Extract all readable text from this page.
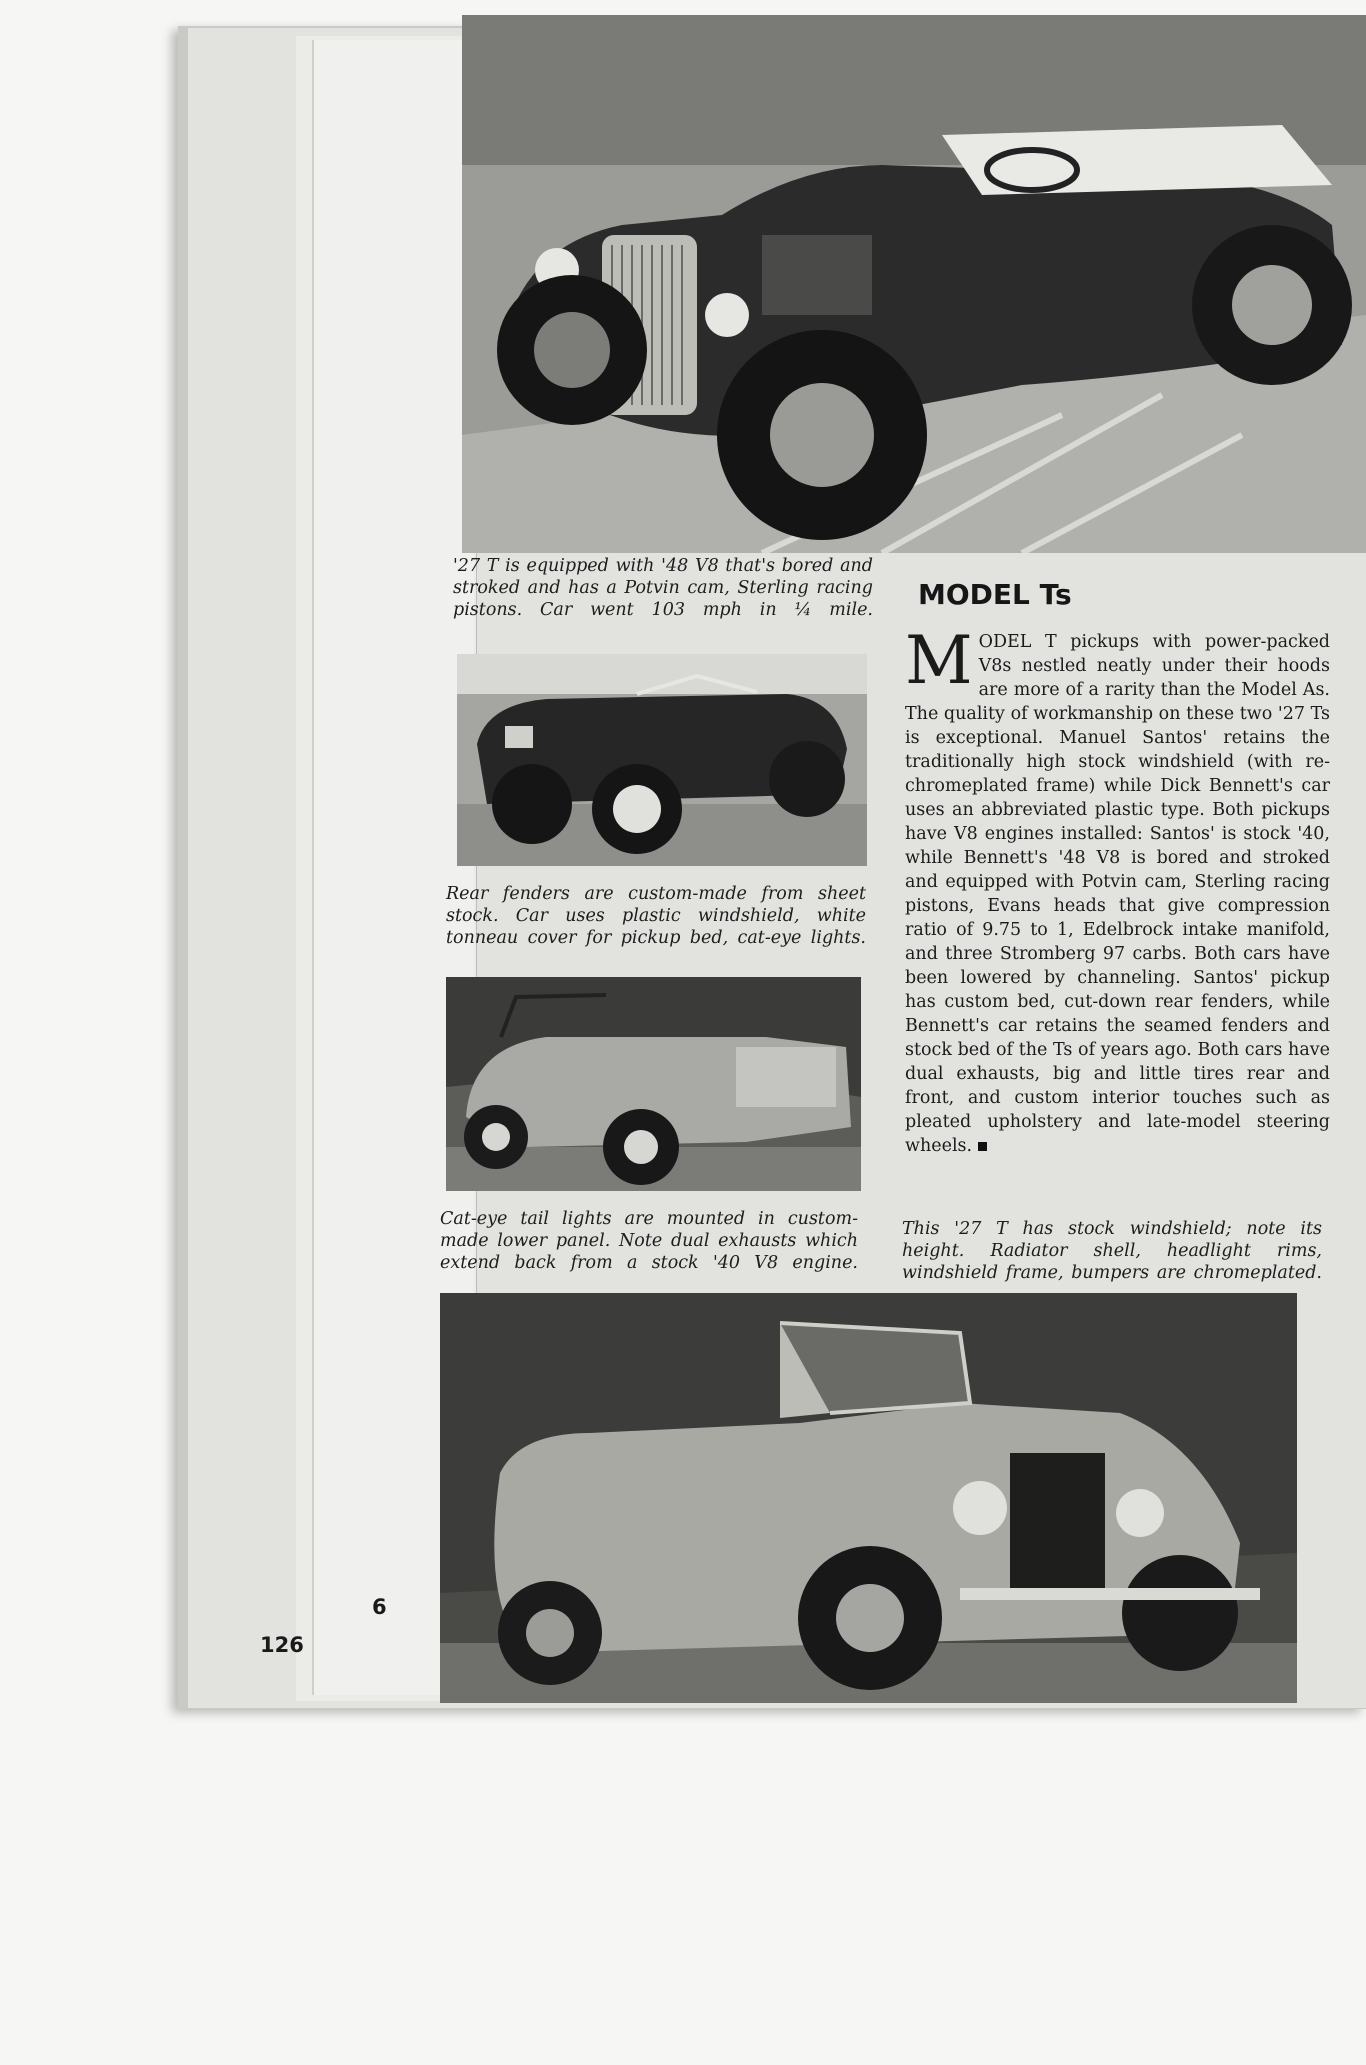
'27 T is equipped with '48 V8 that's bored and stroked and has a Potvin cam, Sterling racing pistons. Car went 103 mph in ¼ mile.
Rear fenders are custom-made from sheet stock. Car uses plastic windshield, white tonneau cover for pickup bed, cat-eye lights.
Cat-eye tail lights are mounted in custom-made lower panel. Note dual exhausts which extend back from a stock '40 V8 engine.
MODEL Ts
MODEL T pickups with power-packed V8s nestled neatly under their hoods are more of a rarity than the Model As. The quality of workmanship on these two '27 Ts is exceptional. Manuel Santos' retains the traditionally high stock windshield (with re-chromeplated frame) while Dick Bennett's car uses an abbreviated plastic type. Both pickups have V8 engines installed: Santos' is stock '40, while Bennett's '48 V8 is bored and stroked and equipped with Potvin cam, Sterling racing pistons, Evans heads that give compression ratio of 9.75 to 1, Edelbrock intake manifold, and three Stromberg 97 carbs. Both cars have been lowered by channeling. Santos' pickup has custom bed, cut-down rear fenders, while Bennett's car retains the seamed fenders and stock bed of the Ts of years ago. Both cars have dual exhausts, big and little tires rear and front, and custom interior touches such as pleated upholstery and late-model steering wheels.
This '27 T has stock windshield; note its height. Radiator shell, headlight rims, windshield frame, bumpers are chromeplated.
126
6
